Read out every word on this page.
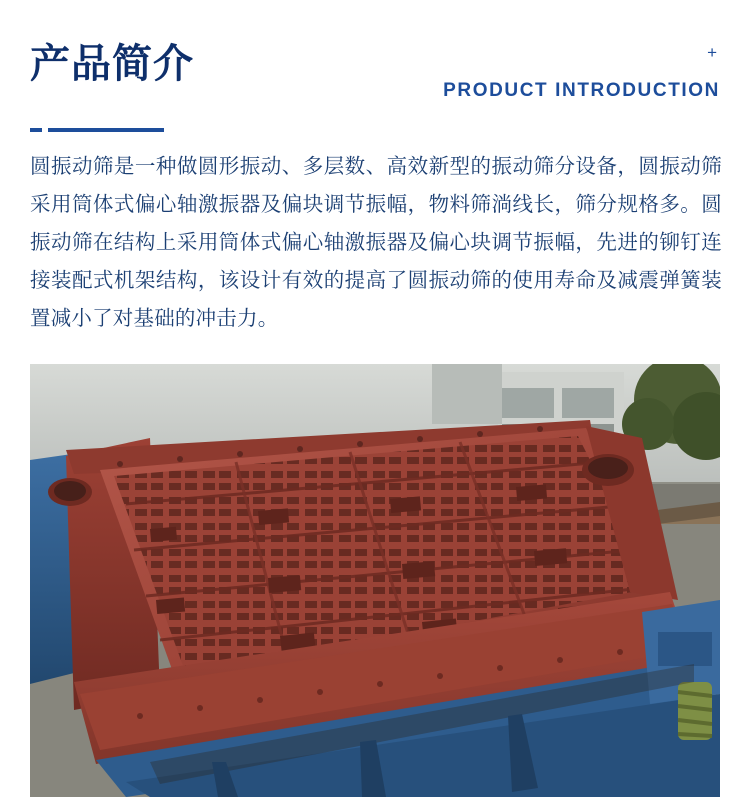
产品简介	+
PRODUCT INTRODUCTION
圆振动筛是一种做圆形振动、多层数、高效新型的振动筛分设备，圆振动筛采用筒体式偏心轴激振器及偏块调节振幅，物料筛淌线长，筛分规格多。圆振动筛在结构上采用筒体式偏心轴激振器及偏心块调节振幅，先进的铆钉连接装配式机架结构，该设计有效的提高了圆振动筛的使用寿命及减震弹簧装置减小了对基础的冲击力。
